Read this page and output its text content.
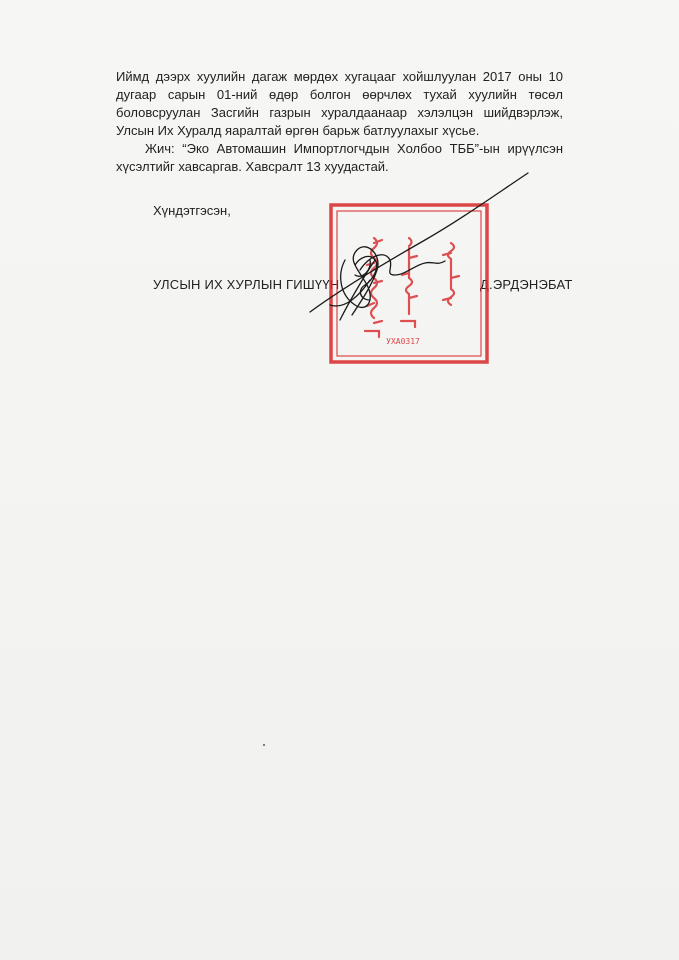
Иймд дээрх хуулийн дагаж мөрдөх хугацааг хойшлуулан 2017 оны 10 дугаар сарын 01-ний өдөр болгон өөрчлөх тухай хуулийн төсөл боловсруулан Засгийн газрын хуралдаанаар хэлэлцэн шийдвэрлэж, Улсын Их Хуралд яаралтай өргөн барьж батлуулахыг хүсье.

Жич: “Эко Автомашин Импортлогчдын Холбоо ТББ”-ын ирүүлсэн хүсэлтийг хавсаргав. Хавсралт 13 хуудастай.

Хүндэтгэсэн,
УЛСЫН ИХ ХУРЛЫН ГИШҮҮН	Д.ЭРДЭНЭБАТ
УХА0317
